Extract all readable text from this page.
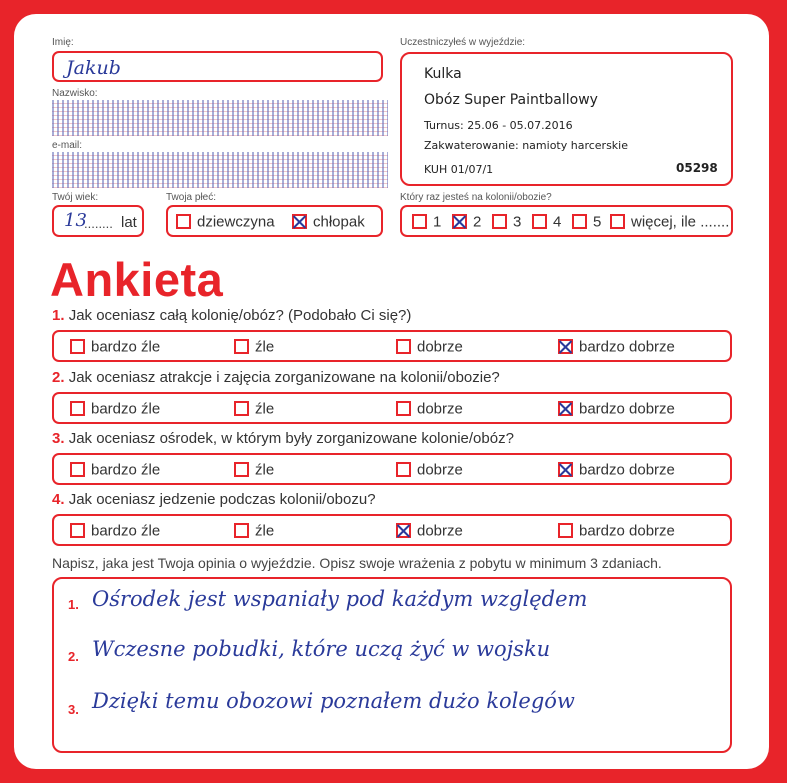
Imię:
Jakub
Nazwisko:
e-mail:
Twój wiek:
13
........ lat
Twoja płeć:
dziewczyna	chłopak
Uczestniczyłeś w wyjeździe:
Kulka
Obóz Super Paintballowy
Turnus: 25.06 - 05.07.2016
Zakwaterowanie: namioty harcerskie
KUH 01/07/1	05298
Który raz jesteś na kolonii/obozie?
1	2	3	4	5	więcej, ile .......
Ankieta
1. Jak oceniasz całą kolonię/obóz? (Podobało Ci się?)
bardzo źle	źle	dobrze	bardzo dobrze
2. Jak oceniasz atrakcje i zajęcia zorganizowane na kolonii/obozie?
bardzo źle	źle	dobrze	bardzo dobrze
3. Jak oceniasz ośrodek, w którym były zorganizowane kolonie/obóz?
bardzo źle	źle	dobrze	bardzo dobrze
4. Jak oceniasz jedzenie podczas kolonii/obozu?
bardzo źle	źle	dobrze	bardzo dobrze
Napisz, jaka jest Twoja opinia o wyjeździe. Opisz swoje wrażenia z pobytu w minimum 3 zdaniach.
1. Ośrodek jest wspaniały pod każdym względem
2. Wczesne pobudki, które uczą żyć w wojsku
3. Dzięki temu obozowi poznałem dużo kolegów
